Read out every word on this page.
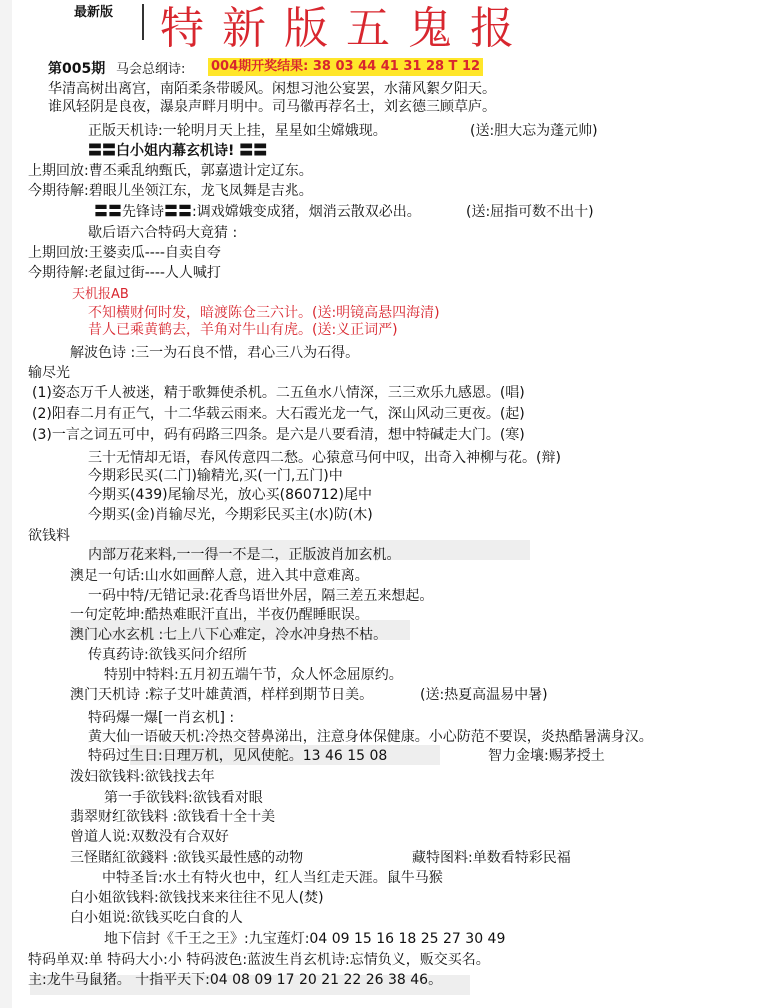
最新版 特新版五鬼报
第005期 马会总纲诗: 004期开奖结果: 38 03 44 41 31 28 T 12
华清高树出离宫，南陌柔条带暖风。闲想习池公宴罢，水蒲风絮夕阳天。
谁风轻阴是良夜，瀑泉声畔月明中。司马徽再荐名士，刘玄德三顾草庐。
正版天机诗:一轮明月天上挂，星星如尘嫦娥现。	(送:胆大忘为蓬元帅)
〓〓白小姐内幕玄机诗! 〓〓
上期回放:曹丕乘乱纳甄氏，郭嘉遗计定辽东。
今期待解:碧眼儿坐领江东，龙飞凤舞是吉兆。
〓〓先锋诗〓〓:调戏嫦娥变成猪，烟消云散双必出。	(送:屈指可数不出十)
歇后语六合特码大竟猜 :
上期回放:王婆卖瓜----自卖自夸
今期待解:老鼠过街----人人喊打
天机报AB
不知横财何时发，暗渡陈仓三六计。(送:明镜高悬四海清)
昔人已乘黄鹤去，羊角对牛山有虎。(送:义正词严)
解波色诗 :三一为石良不惜，君心三八为石得。
输尽光
(1)姿态万千人被迷，精于歌舞使杀机。二五鱼水八情深，三三欢乐九感恩。(唱)
(2)阳春二月有正气，十二华载云雨来。大石霞光龙一气，深山风动三更夜。(起)
(3)一言之词五可中，码有码路三四条。是六是八要看清，想中特碱走大门。(寒)
三十无情却无语，春风传意四二愁。心猿意马何中叹，出奇入神柳与花。(辩)
今期彩民买(二门)输精光,买(一门,五门)中
今期买(439)尾输尽光，放心买(860712)尾中
今期买(金)肖输尽光，今期彩民买主(水)防(木)
欲钱料
内部万花来料,一一得一不是二，正版波肖加玄机。
澳足一句话:山水如画醉人意，进入其中意难离。
一码中特/无错记录:花香鸟语世外居，隔三差五来想起。
一句定乾坤:酷热难眠汗直出，半夜仍醒睡眠误。
澳门心水玄机 :七上八下心难定，冷水冲身热不枯。
传真药诗:欲钱买问介绍所
特别中特料:五月初五端午节，众人怀念屈原约。
澳门天机诗 :粽子艾叶雄黄酒，样样到期节日美。	(送:热夏高温易中暑)
特码爆一爆[一肖玄机] :
黄大仙一语破天机:冷热交替鼻涕出，注意身体保健康。小心防范不要误，炎热酷暑满身汉。
特码过生日:日理万机，见风使舵。13 46 15 08	智力金壤:赐茅授土
泼妇欲钱料:欲钱找去年
第一手欲钱料:欲钱看对眼
翡翠财红欲钱料 :欲钱看十全十美
曾道人说:双数没有合双好
三怪賭紅欲錢料 :欲钱买最性感的动物	藏特图料:单数看特彩民福
中特圣旨:水土有特火也中，红人当红走天涯。鼠牛马猴
白小姐欲钱料:欲钱找来来往往不见人(焚)
白小姐说:欲钱买吃白食的人
地下信封《千王之王》:九宝莲灯:04 09 15 16 18 25 27 30 49
特码单双:单 特码大小:小 特码波色:蓝波生肖玄机诗:忘情负义，贩交买名。
主:龙牛马鼠猪。 十指平天下:04 08 09 17 20 21 22 26 38 46。
